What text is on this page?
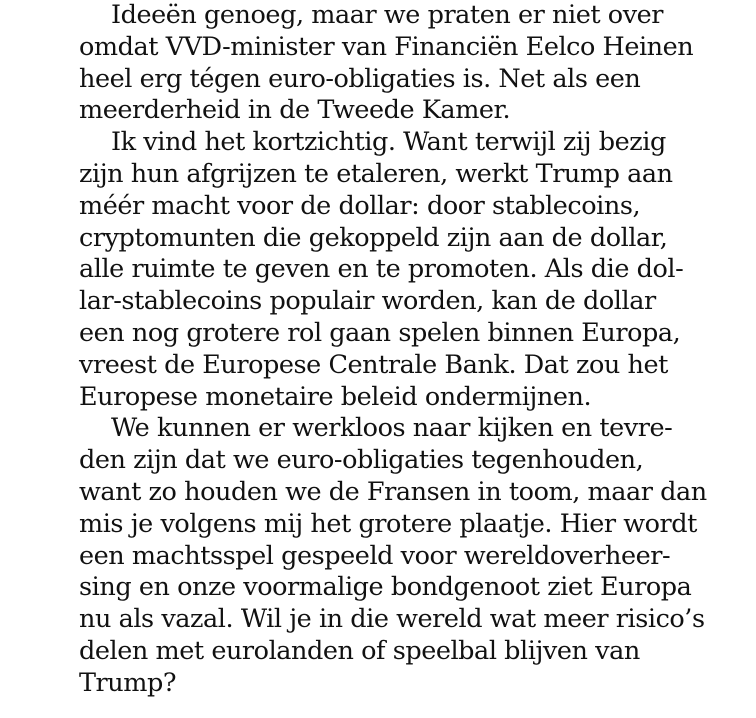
Ideeën genoeg, maar we praten er niet over
omdat VVD-minister van Financiën Eelco Heinen
heel erg tégen euro-obligaties is. Net als een
meerderheid in de Tweede Kamer.

Ik vind het kortzichtig. Want terwijl zij bezig
zijn hun afgrijzen te etaleren, werkt Trump aan
méér macht voor de dollar: door stablecoins,
cryptomunten die gekoppeld zijn aan de dollar,
alle ruimte te geven en te promoten. Als die dol-
lar-stablecoins populair worden, kan de dollar
een nog grotere rol gaan spelen binnen Europa,
vreest de Europese Centrale Bank. Dat zou het
Europese monetaire beleid ondermijnen.

We kunnen er werkloos naar kijken en tevre-
den zijn dat we euro-obligaties tegenhouden,
want zo houden we de Fransen in toom, maar dan
mis je volgens mij het grotere plaatje. Hier wordt
een machtsspel gespeeld voor wereldoverheer-
sing en onze voormalige bondgenoot ziet Europa
nu als vazal. Wil je in die wereld wat meer risico’s
delen met eurolanden of speelbal blijven van
Trump?
